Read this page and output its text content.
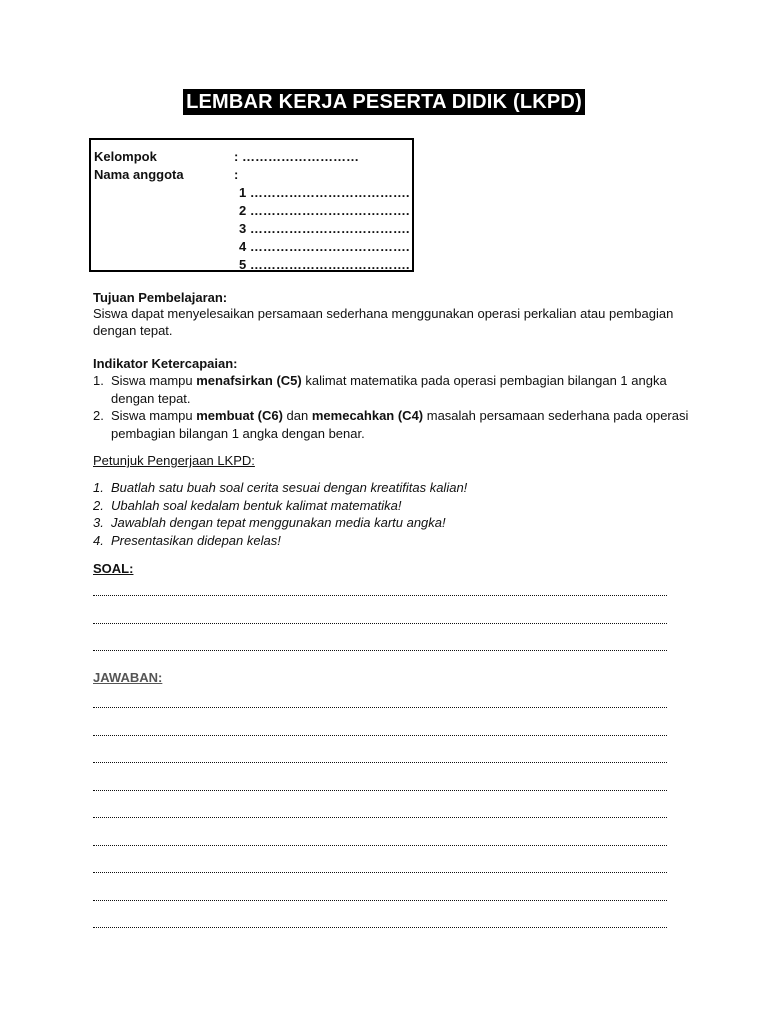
LEMBAR KERJA PESERTA DIDIK (LKPD)
Kelompok	: ………………………
Nama anggota	:
1 ……………………………….
2 ……………………………….
3 ……………………………….
4 ……………………………….
5 ……………………………….
Tujuan Pembelajaran:
Siswa dapat menyelesaikan persamaan sederhana menggunakan operasi perkalian atau pembagian
dengan tepat.
Indikator Ketercapaian:
1. Siswa mampu menafsirkan (C5) kalimat matematika pada operasi pembagian bilangan 1 angka
dengan tepat.
2. Siswa mampu membuat (C6) dan memecahkan (C4) masalah persamaan sederhana pada operasi
pembagian bilangan 1 angka dengan benar.
Petunjuk Pengerjaan LKPD:
1. Buatlah satu buah soal cerita sesuai dengan kreatifitas kalian!
2. Ubahlah soal kedalam bentuk kalimat matematika!
3. Jawablah dengan tepat menggunakan media kartu angka!
4. Presentasikan didepan kelas!
SOAL:
JAWABAN:
